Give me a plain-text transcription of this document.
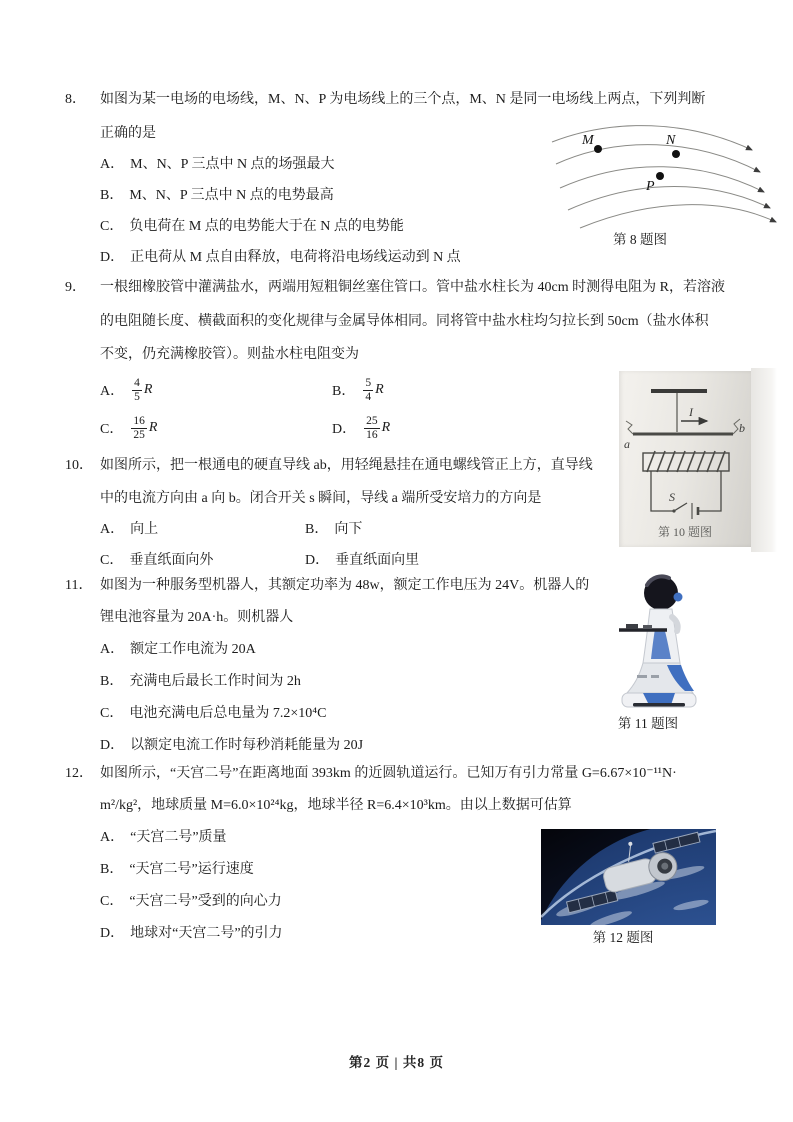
8．	如图为某一电场的电场线，M、N、P 为电场线上的三个点，M、N 是同一电场线上两点，下列判断
正确的是
A． M、N、P 三点中 N 点的场强最大
B． M、N、P 三点中 N 点的电势最高
C． 负电荷在 M 点的电势能大于在 N 点的电势能
D． 正电荷从 M 点自由释放，电荷将沿电场线运动到 N 点
M	N
P
第 8 题图
9．	一根细橡胶管中灌满盐水，两端用短粗铜丝塞住管口。管中盐水柱长为 40cm 时测得电阻为 R，若溶液
的电阻随长度、横截面积的变化规律与金属导体相同。同将管中盐水柱均匀拉长到 50cm（盐水体积
不变，仍充满橡胶管）。则盐水柱电阻变为
A． $\frac{4}{5}$ R	B． $\frac{5}{4}$ R
C． $\frac{16}{25}$ R	D． $\frac{25}{16}$ R
10． 如图所示，把一根通电的硬直导线 ab，用轻绳悬挂在通电螺线管正上方，直导线
中的电流方向由 a 向 b。闭合开关 s 瞬间，导线 a 端所受安培力的方向是
A． 向上	B． 向下
C． 垂直纸面向外	D． 垂直纸面向里
a
b
I
S
第 10 题图
11． 如图为一种服务型机器人，其额定功率为 48w，额定工作电压为 24V。机器人的
锂电池容量为 20A·h。则机器人
A． 额定工作电流为 20A
B． 充满电后最长工作时间为 2h
C． 电池充满电后总电量为 7.2×10⁴C
D． 以额定电流工作时每秒消耗能量为 20J
第 11 题图
12． 如图所示，“天宫二号”在距离地面 393km 的近圆轨道运行。已知万有引力常量 G=6.67×10⁻¹¹N·
m²/kg²，地球质量 M=6.0×10²⁴kg，地球半径 R=6.4×10³km。由以上数据可估算
A． “天宫二号”质量
B． “天宫二号”运行速度
C． “天宫二号”受到的向心力
D． 地球对“天宫二号”的引力	第 12 题图
第2 页 | 共8 页
